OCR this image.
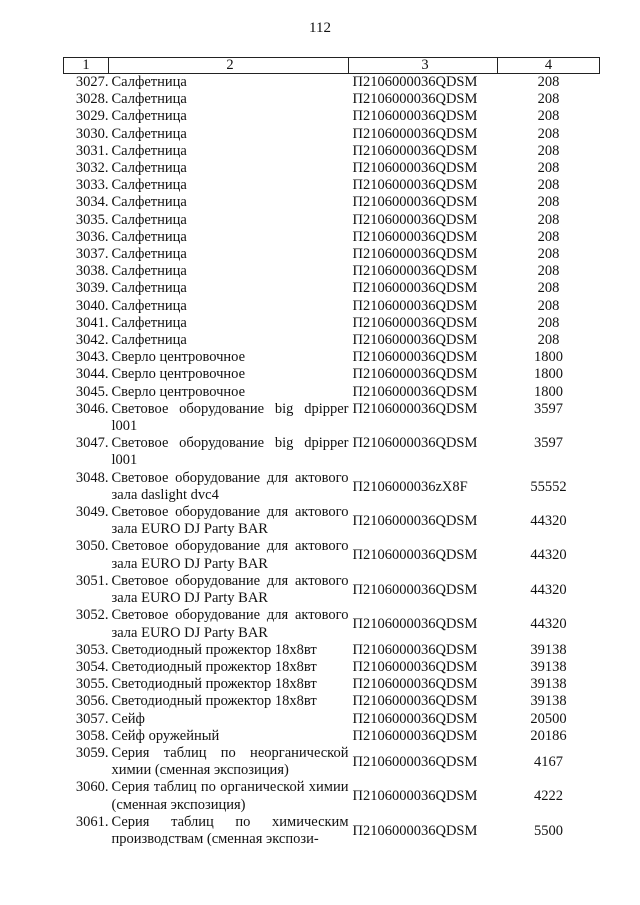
112
1	2	3	4
3027.	Салфетница	П2106000036QDSM	208
3028.	Салфетница	П2106000036QDSM	208
3029.	Салфетница	П2106000036QDSM	208
3030.	Салфетница	П2106000036QDSM	208
3031.	Салфетница	П2106000036QDSM	208
3032.	Салфетница	П2106000036QDSM	208
3033.	Салфетница	П2106000036QDSM	208
3034.	Салфетница	П2106000036QDSM	208
3035.	Салфетница	П2106000036QDSM	208
3036.	Салфетница	П2106000036QDSM	208
3037.	Салфетница	П2106000036QDSM	208
3038.	Салфетница	П2106000036QDSM	208
3039.	Салфетница	П2106000036QDSM	208
3040.	Салфетница	П2106000036QDSM	208
3041.	Салфетница	П2106000036QDSM	208
3042.	Салфетница	П2106000036QDSM	208
3043.	Сверло центровочное	П2106000036QDSM	1800
3044.	Сверло центровочное	П2106000036QDSM	1800
3045.	Сверло центровочное	П2106000036QDSM	1800
3046.	Световое оборудование big dpipper l001	П2106000036QDSM	3597
3047.	Световое оборудование big dpipper l001	П2106000036QDSM	3597
3048.	Световое оборудование для актового зала daslight dvc4	П2106000036zX8F	55552
3049.	Световое оборудование для актового зала EURO DJ Party BAR	П2106000036QDSM	44320
3050.	Световое оборудование для актового зала EURO DJ Party BAR	П2106000036QDSM	44320
3051.	Световое оборудование для актового зала EURO DJ Party BAR	П2106000036QDSM	44320
3052.	Световое оборудование для актового зала EURO DJ Party BAR	П2106000036QDSM	44320
3053.	Светодиодный прожектор 18х8вт	П2106000036QDSM	39138
3054.	Светодиодный прожектор 18х8вт	П2106000036QDSM	39138
3055.	Светодиодный прожектор 18х8вт	П2106000036QDSM	39138
3056.	Светодиодный прожектор 18х8вт	П2106000036QDSM	39138
3057.	Сейф	П2106000036QDSM	20500
3058.	Сейф оружейный	П2106000036QDSM	20186
3059.	Серия таблиц по неорганической химии (сменная экспозиция)	П2106000036QDSM	4167
3060.	Серия таблиц по органической химии (сменная экспозиция)	П2106000036QDSM	4222
3061.	Серия таблиц по химическим производствам (сменная экспози-	П2106000036QDSM	5500
